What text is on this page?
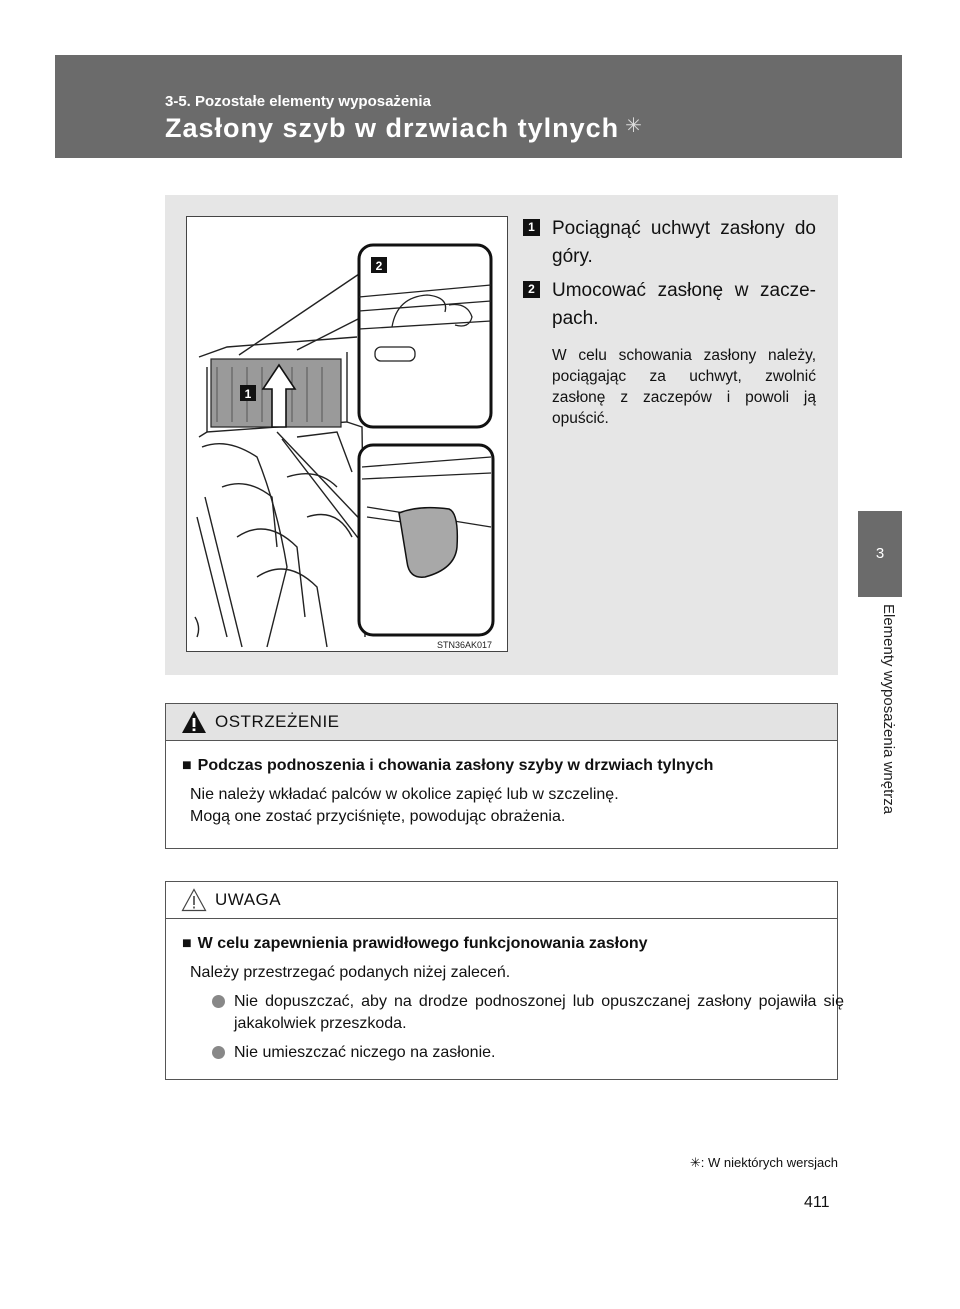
3-5. Pozostałe elementy wyposażenia
Zasłony szyb w drzwiach tylnych ✳
3
Elementy wyposażenia wnętrza
2
1
STN36AK017
1 Pociągnąć uchwyt zasłony do góry.
2 Umocować zasłonę w zaczepach.
W celu schowania zasłony należy, pociągając za uchwyt, zwolnić zasłonę z zaczepów i powoli ją opuścić.
OSTRZEŻENIE
■ Podczas podnoszenia i chowania zasłony szyby w drzwiach tylnych
Nie należy wkładać palców w okolice zapięć lub w szczelinę.
Mogą one zostać przyciśnięte, powodując obrażenia.
UWAGA
■ W celu zapewnienia prawidłowego funkcjonowania zasłony
Należy przestrzegać podanych niżej zaleceń.
Nie dopuszczać, aby na drodze podnoszonej lub opuszczanej zasłony pojawiła się jakakolwiek przeszkoda.
Nie umieszczać niczego na zasłonie.
✳: W niektórych wersjach
411
